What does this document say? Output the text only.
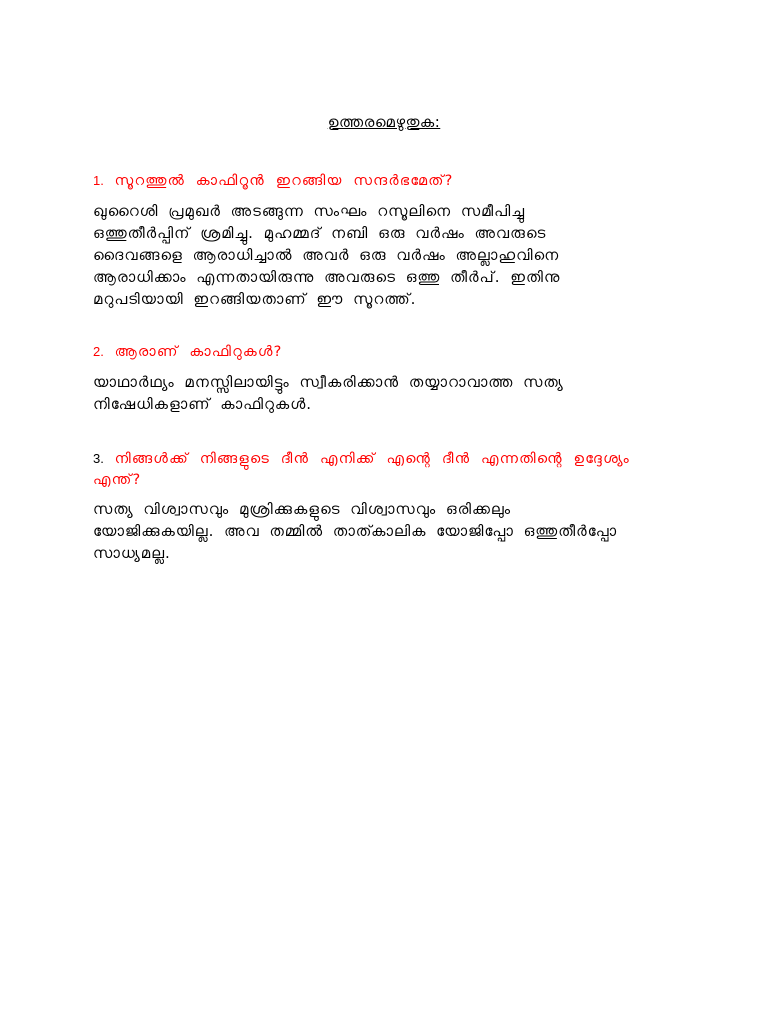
ഉത്തരമെഴുതുക:
1. സൂറത്തുൽ കാഫിറൂൻ ഇറങ്ങിയ സന്ദർഭമേത്?
ഖുറൈശി പ്രമുഖർ അടങ്ങുന്ന സംഘം റസൂലിനെ സമീപിച്ചു
ഒത്തുതീർപ്പിന് ശ്രമിച്ചു. മുഹമ്മദ് നബി ഒരു വർഷം അവരുടെ
ദൈവങ്ങളെ ആരാധിച്ചാൽ അവർ ഒരു വർഷം അല്ലാഹുവിനെ
ആരാധിക്കാം എന്നതായിരുന്നു അവരുടെ ഒത്തു തീർപ്. ഇതിനു
മറുപടിയായി ഇറങ്ങിയതാണ് ഈ സൂറത്ത്.
2. ആരാണ് കാഫിറുകൾ?
യാഥാർഥ്യം മനസ്സിലായിട്ടും സ്വീകരിക്കാൻ തയ്യാറാവാത്ത സത്യ
നിഷേധികളാണ് കാഫിറുകൾ.
3. നിങ്ങൾക്ക് നിങ്ങളുടെ ദീൻ എനിക്ക് എന്റെ ദീൻ എന്നതിന്റെ ഉദ്ദേശ്യം എന്ത്?
സത്യ വിശ്വാസവും മുശ്രിക്കുകളുടെ വിശ്വാസവും ഒരിക്കലും
യോജിക്കുകയില്ല. അവ തമ്മിൽ താത്കാലിക യോജിപ്പോ ഒത്തുതീർപ്പോ
സാധ്യമല്ല.
